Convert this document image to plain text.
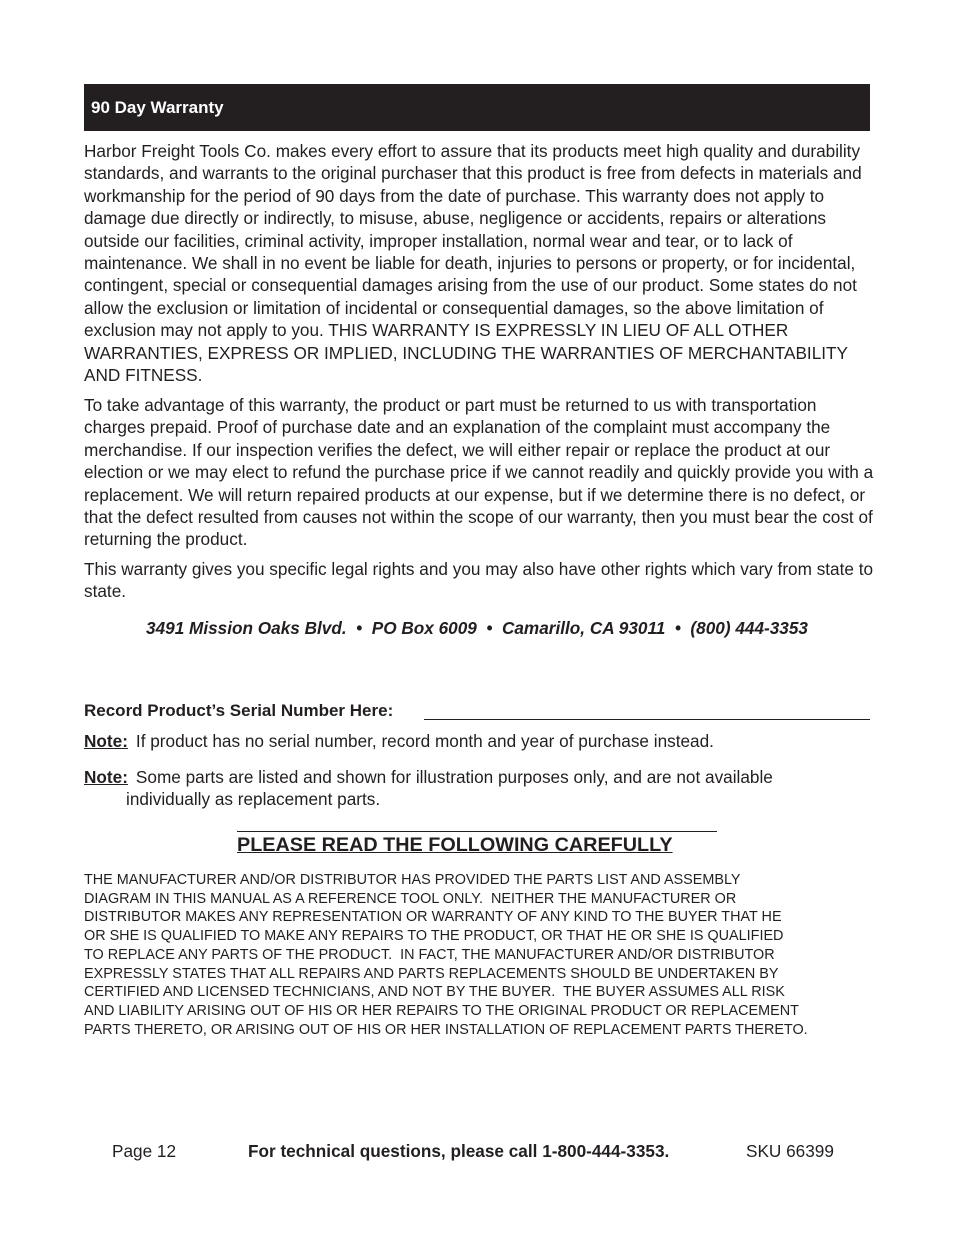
90 Day Warranty

Harbor Freight Tools Co. makes every effort to assure that its products meet high quality and durability standards, and warrants to the original purchaser that this product is free from defects in materials and workmanship for the period of 90 days from the date of purchase. This warranty does not apply to damage due directly or indirectly, to misuse, abuse, negligence or accidents, repairs or alterations outside our facilities, criminal activity, improper installation, normal wear and tear, or to lack of maintenance. We shall in no event be liable for death, injuries to persons or property, or for incidental, contingent, special or consequential damages arising from the use of our product. Some states do not allow the exclusion or limitation of incidental or consequential damages, so the above limitation of exclusion may not apply to you. THIS WARRANTY IS EXPRESSLY IN LIEU OF ALL OTHER WARRANTIES, EXPRESS OR IMPLIED, INCLUDING THE WARRANTIES OF MERCHANTABILITY AND FITNESS.

To take advantage of this warranty, the product or part must be returned to us with transportation charges prepaid. Proof of purchase date and an explanation of the complaint must accompany the merchandise. If our inspection verifies the defect, we will either repair or replace the product at our election or we may elect to refund the purchase price if we cannot readily and quickly provide you with a replacement. We will return repaired products at our expense, but if we determine there is no defect, or that the defect resulted from causes not within the scope of our warranty, then you must bear the cost of returning the product.

This warranty gives you specific legal rights and you may also have other rights which vary from state to state.

3491 Mission Oaks Blvd.  •  PO Box 6009  •  Camarillo, CA 93011  •  (800) 444-3353
Record Product’s Serial Number Here:
Note: If product has no serial number, record month and year of purchase instead.
Note: Some parts are listed and shown for illustration purposes only, and are not available
individually as replacement parts.
PLEASE READ THE FOLLOWING CAREFULLY

THE MANUFACTURER AND/OR DISTRIBUTOR HAS PROVIDED THE PARTS LIST AND ASSEMBLY
DIAGRAM IN THIS MANUAL AS A REFERENCE TOOL ONLY.  NEITHER THE MANUFACTURER OR
DISTRIBUTOR MAKES ANY REPRESENTATION OR WARRANTY OF ANY KIND TO THE BUYER THAT HE
OR SHE IS QUALIFIED TO MAKE ANY REPAIRS TO THE PRODUCT, OR THAT HE OR SHE IS QUALIFIED
TO REPLACE ANY PARTS OF THE PRODUCT.  IN FACT, THE MANUFACTURER AND/OR DISTRIBUTOR
EXPRESSLY STATES THAT ALL REPAIRS AND PARTS REPLACEMENTS SHOULD BE UNDERTAKEN BY
CERTIFIED AND LICENSED TECHNICIANS, AND NOT BY THE BUYER.  THE BUYER ASSUMES ALL RISK
AND LIABILITY ARISING OUT OF HIS OR HER REPAIRS TO THE ORIGINAL PRODUCT OR REPLACEMENT
PARTS THERETO, OR ARISING OUT OF HIS OR HER INSTALLATION OF REPLACEMENT PARTS THERETO.

Page 12	For technical questions, please call 1-800-444-3353.	SKU 66399
